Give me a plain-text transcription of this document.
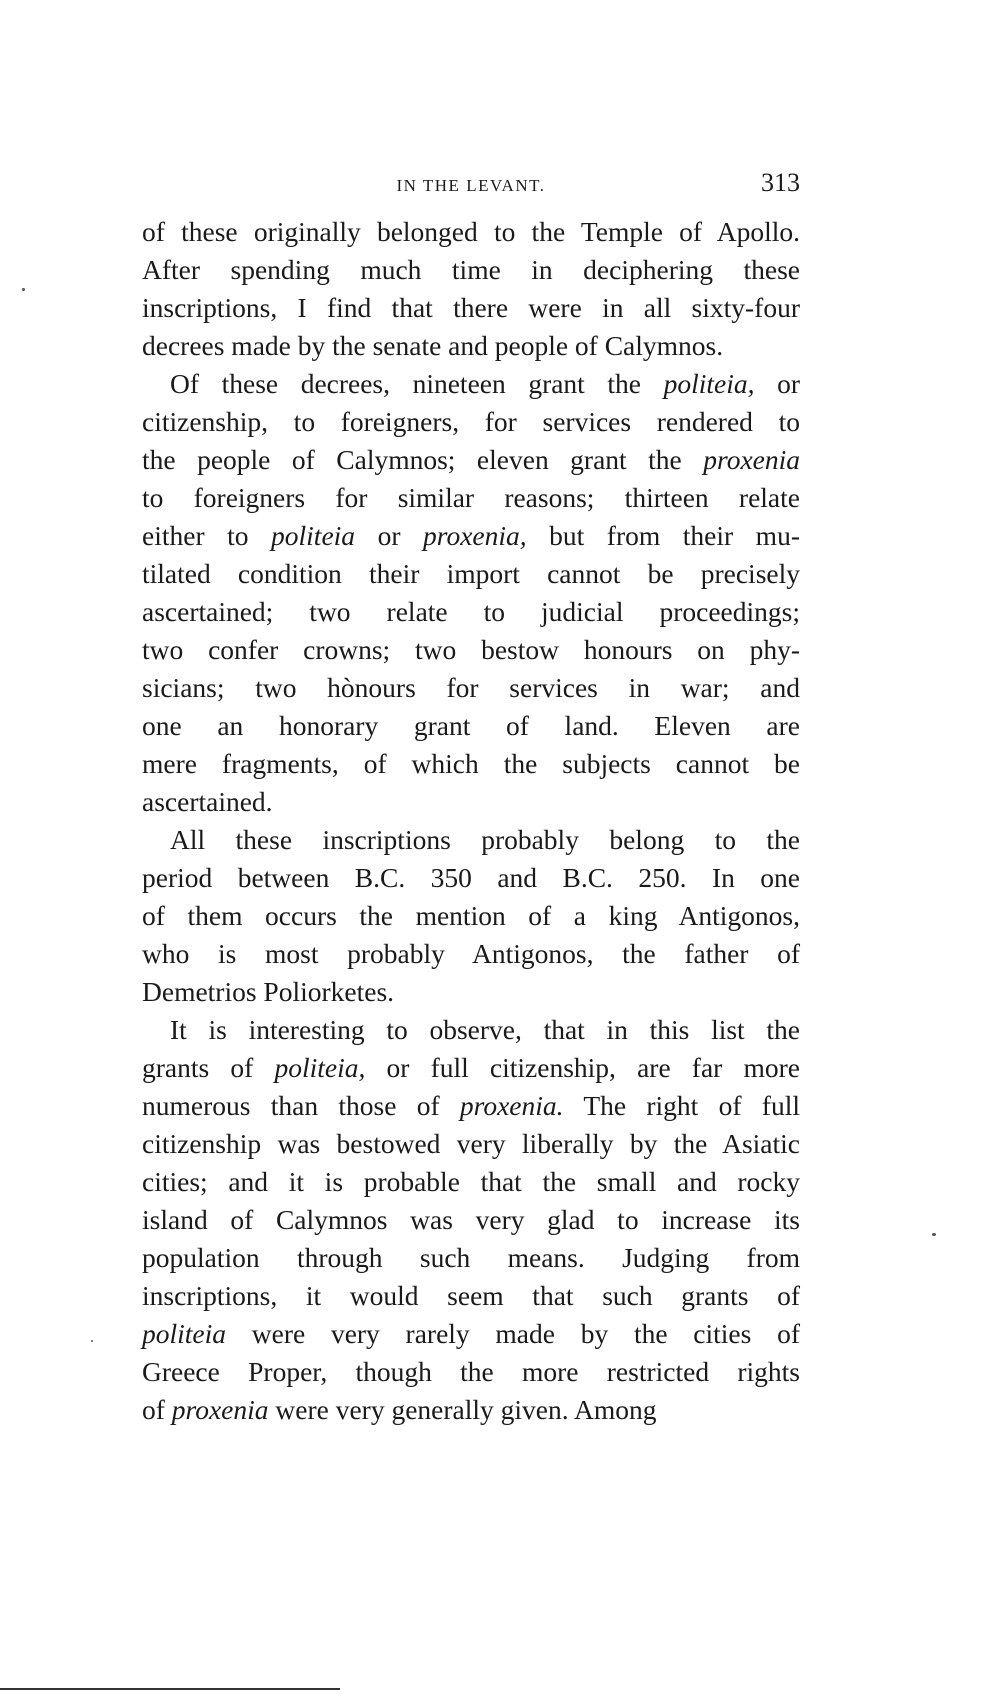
IN THE LEVANT.	313
of these originally belonged to the Temple of Apollo.
After spending much time in deciphering these
inscriptions, I find that there were in all sixty-four
decrees made by the senate and people of Calymnos.
Of these decrees, nineteen grant the politeia, or
citizenship, to foreigners, for services rendered to
the people of Calymnos; eleven grant the proxenia
to foreigners for similar reasons; thirteen relate
either to politeia or proxenia, but from their mu-
tilated condition their import cannot be precisely
ascertained; two relate to judicial proceedings;
two confer crowns; two bestow honours on phy-
sicians; two hònours for services in war; and
one an honorary grant of land. Eleven are
mere fragments, of which the subjects cannot be
ascertained.
All these inscriptions probably belong to the
period between B.C. 350 and B.C. 250. In one
of them occurs the mention of a king Antigonos,
who is most probably Antigonos, the father of
Demetrios Poliorketes.
It is interesting to observe, that in this list the
grants of politeia, or full citizenship, are far more
numerous than those of proxenia. The right of full
citizenship was bestowed very liberally by the Asiatic
cities; and it is probable that the small and rocky
island of Calymnos was very glad to increase its
population through such means. Judging from
inscriptions, it would seem that such grants of
politeia were very rarely made by the cities of
Greece Proper, though the more restricted rights
of proxenia were very generally given. Among
